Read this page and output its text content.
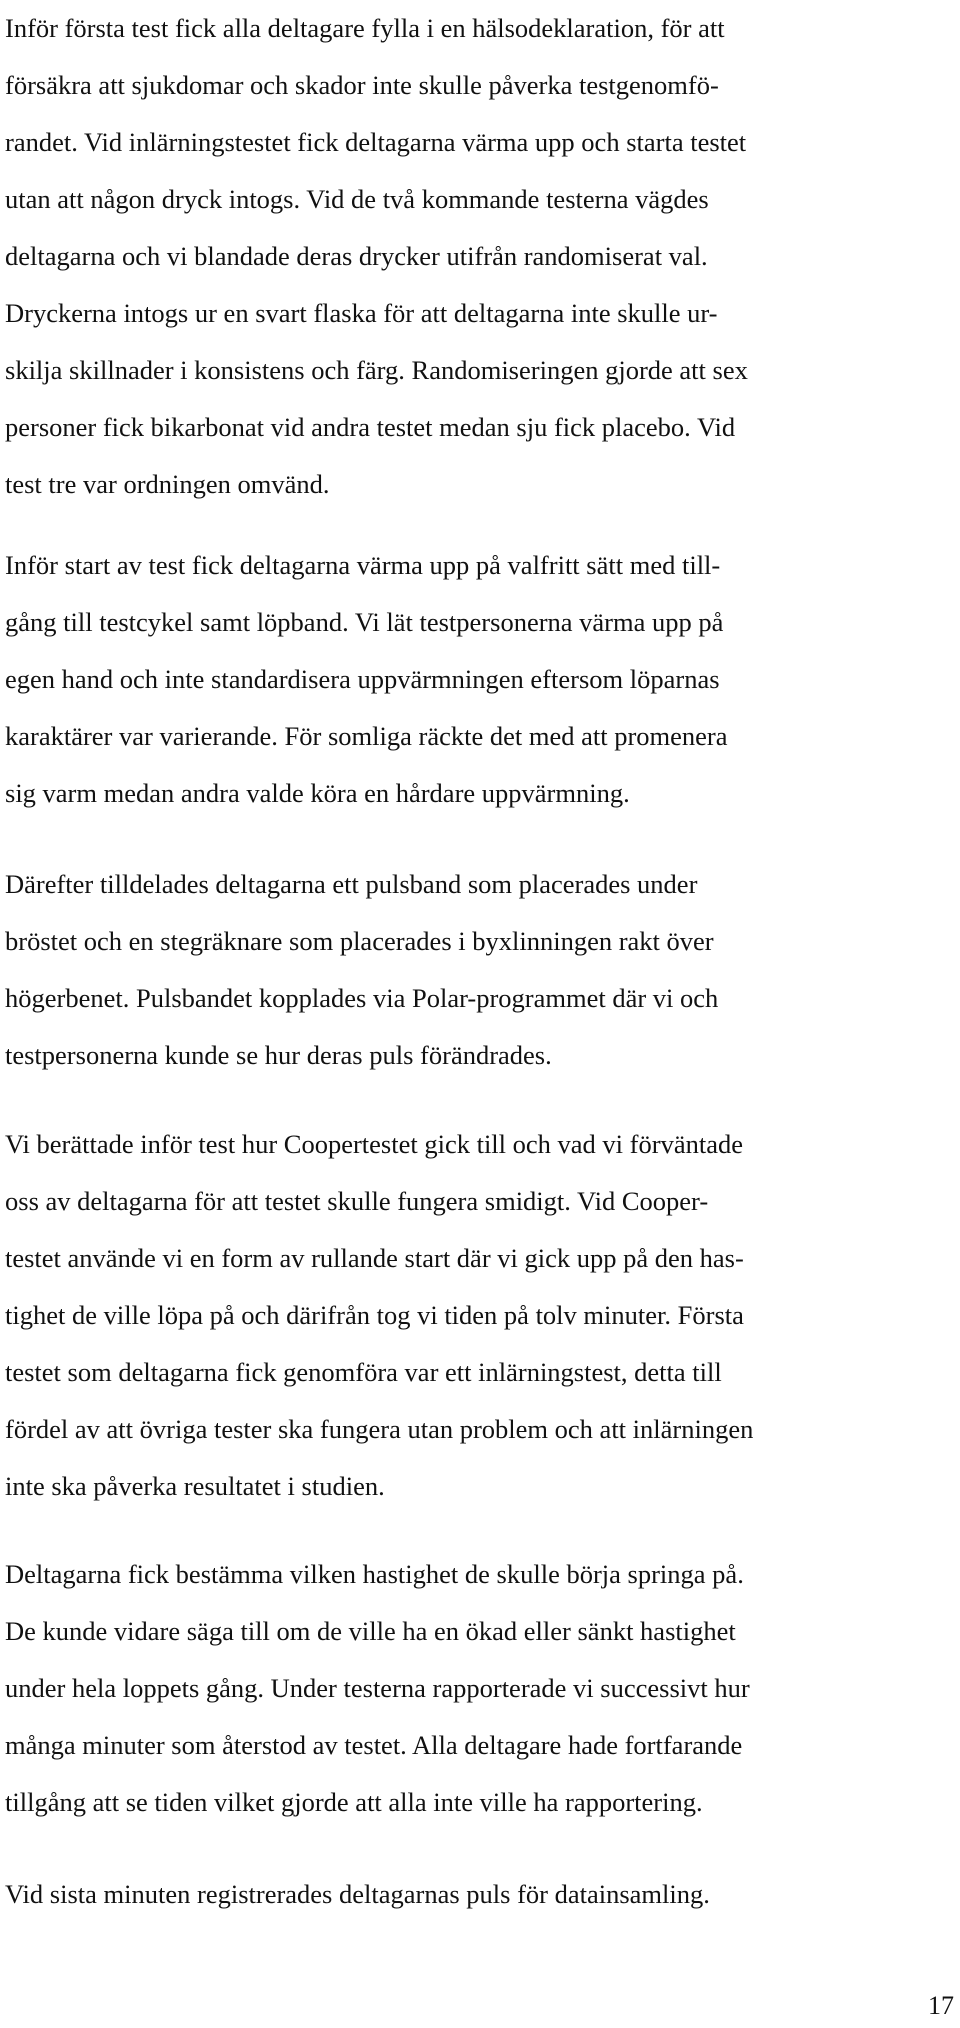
Inför första test fick alla deltagare fylla i en hälsodeklaration, för att
försäkra att sjukdomar och skador inte skulle påverka testgenomfö-
randet. Vid inlärningstestet fick deltagarna värma upp och starta testet
utan att någon dryck intogs. Vid de två kommande testerna vägdes
deltagarna och vi blandade deras drycker utifrån randomiserat val.
Dryckerna intogs ur en svart flaska för att deltagarna inte skulle ur-
skilja skillnader i konsistens och färg. Randomiseringen gjorde att sex
personer fick bikarbonat vid andra testet medan sju fick placebo. Vid
test tre var ordningen omvänd.

Inför start av test fick deltagarna värma upp på valfritt sätt med till-
gång till testcykel samt löpband. Vi lät testpersonerna värma upp på
egen hand och inte standardisera uppvärmningen eftersom löparnas
karaktärer var varierande. För somliga räckte det med att promenera
sig varm medan andra valde köra en hårdare uppvärmning.

Därefter tilldelades deltagarna ett pulsband som placerades under
bröstet och en stegräknare som placerades i byxlinningen rakt över
högerbenet. Pulsbandet kopplades via Polar-programmet där vi och
testpersonerna kunde se hur deras puls förändrades.

Vi berättade inför test hur Coopertestet gick till och vad vi förväntade
oss av deltagarna för att testet skulle fungera smidigt. Vid Cooper-
testet använde vi en form av rullande start där vi gick upp på den has-
tighet de ville löpa på och därifrån tog vi tiden på tolv minuter. Första
testet som deltagarna fick genomföra var ett inlärningstest, detta till
fördel av att övriga tester ska fungera utan problem och att inlärningen
inte ska påverka resultatet i studien.

Deltagarna fick bestämma vilken hastighet de skulle börja springa på.
De kunde vidare säga till om de ville ha en ökad eller sänkt hastighet
under hela loppets gång. Under testerna rapporterade vi successivt hur
många minuter som återstod av testet. Alla deltagare hade fortfarande
tillgång att se tiden vilket gjorde att alla inte ville ha rapportering.

Vid sista minuten registrerades deltagarnas puls för datainsamling.

17
